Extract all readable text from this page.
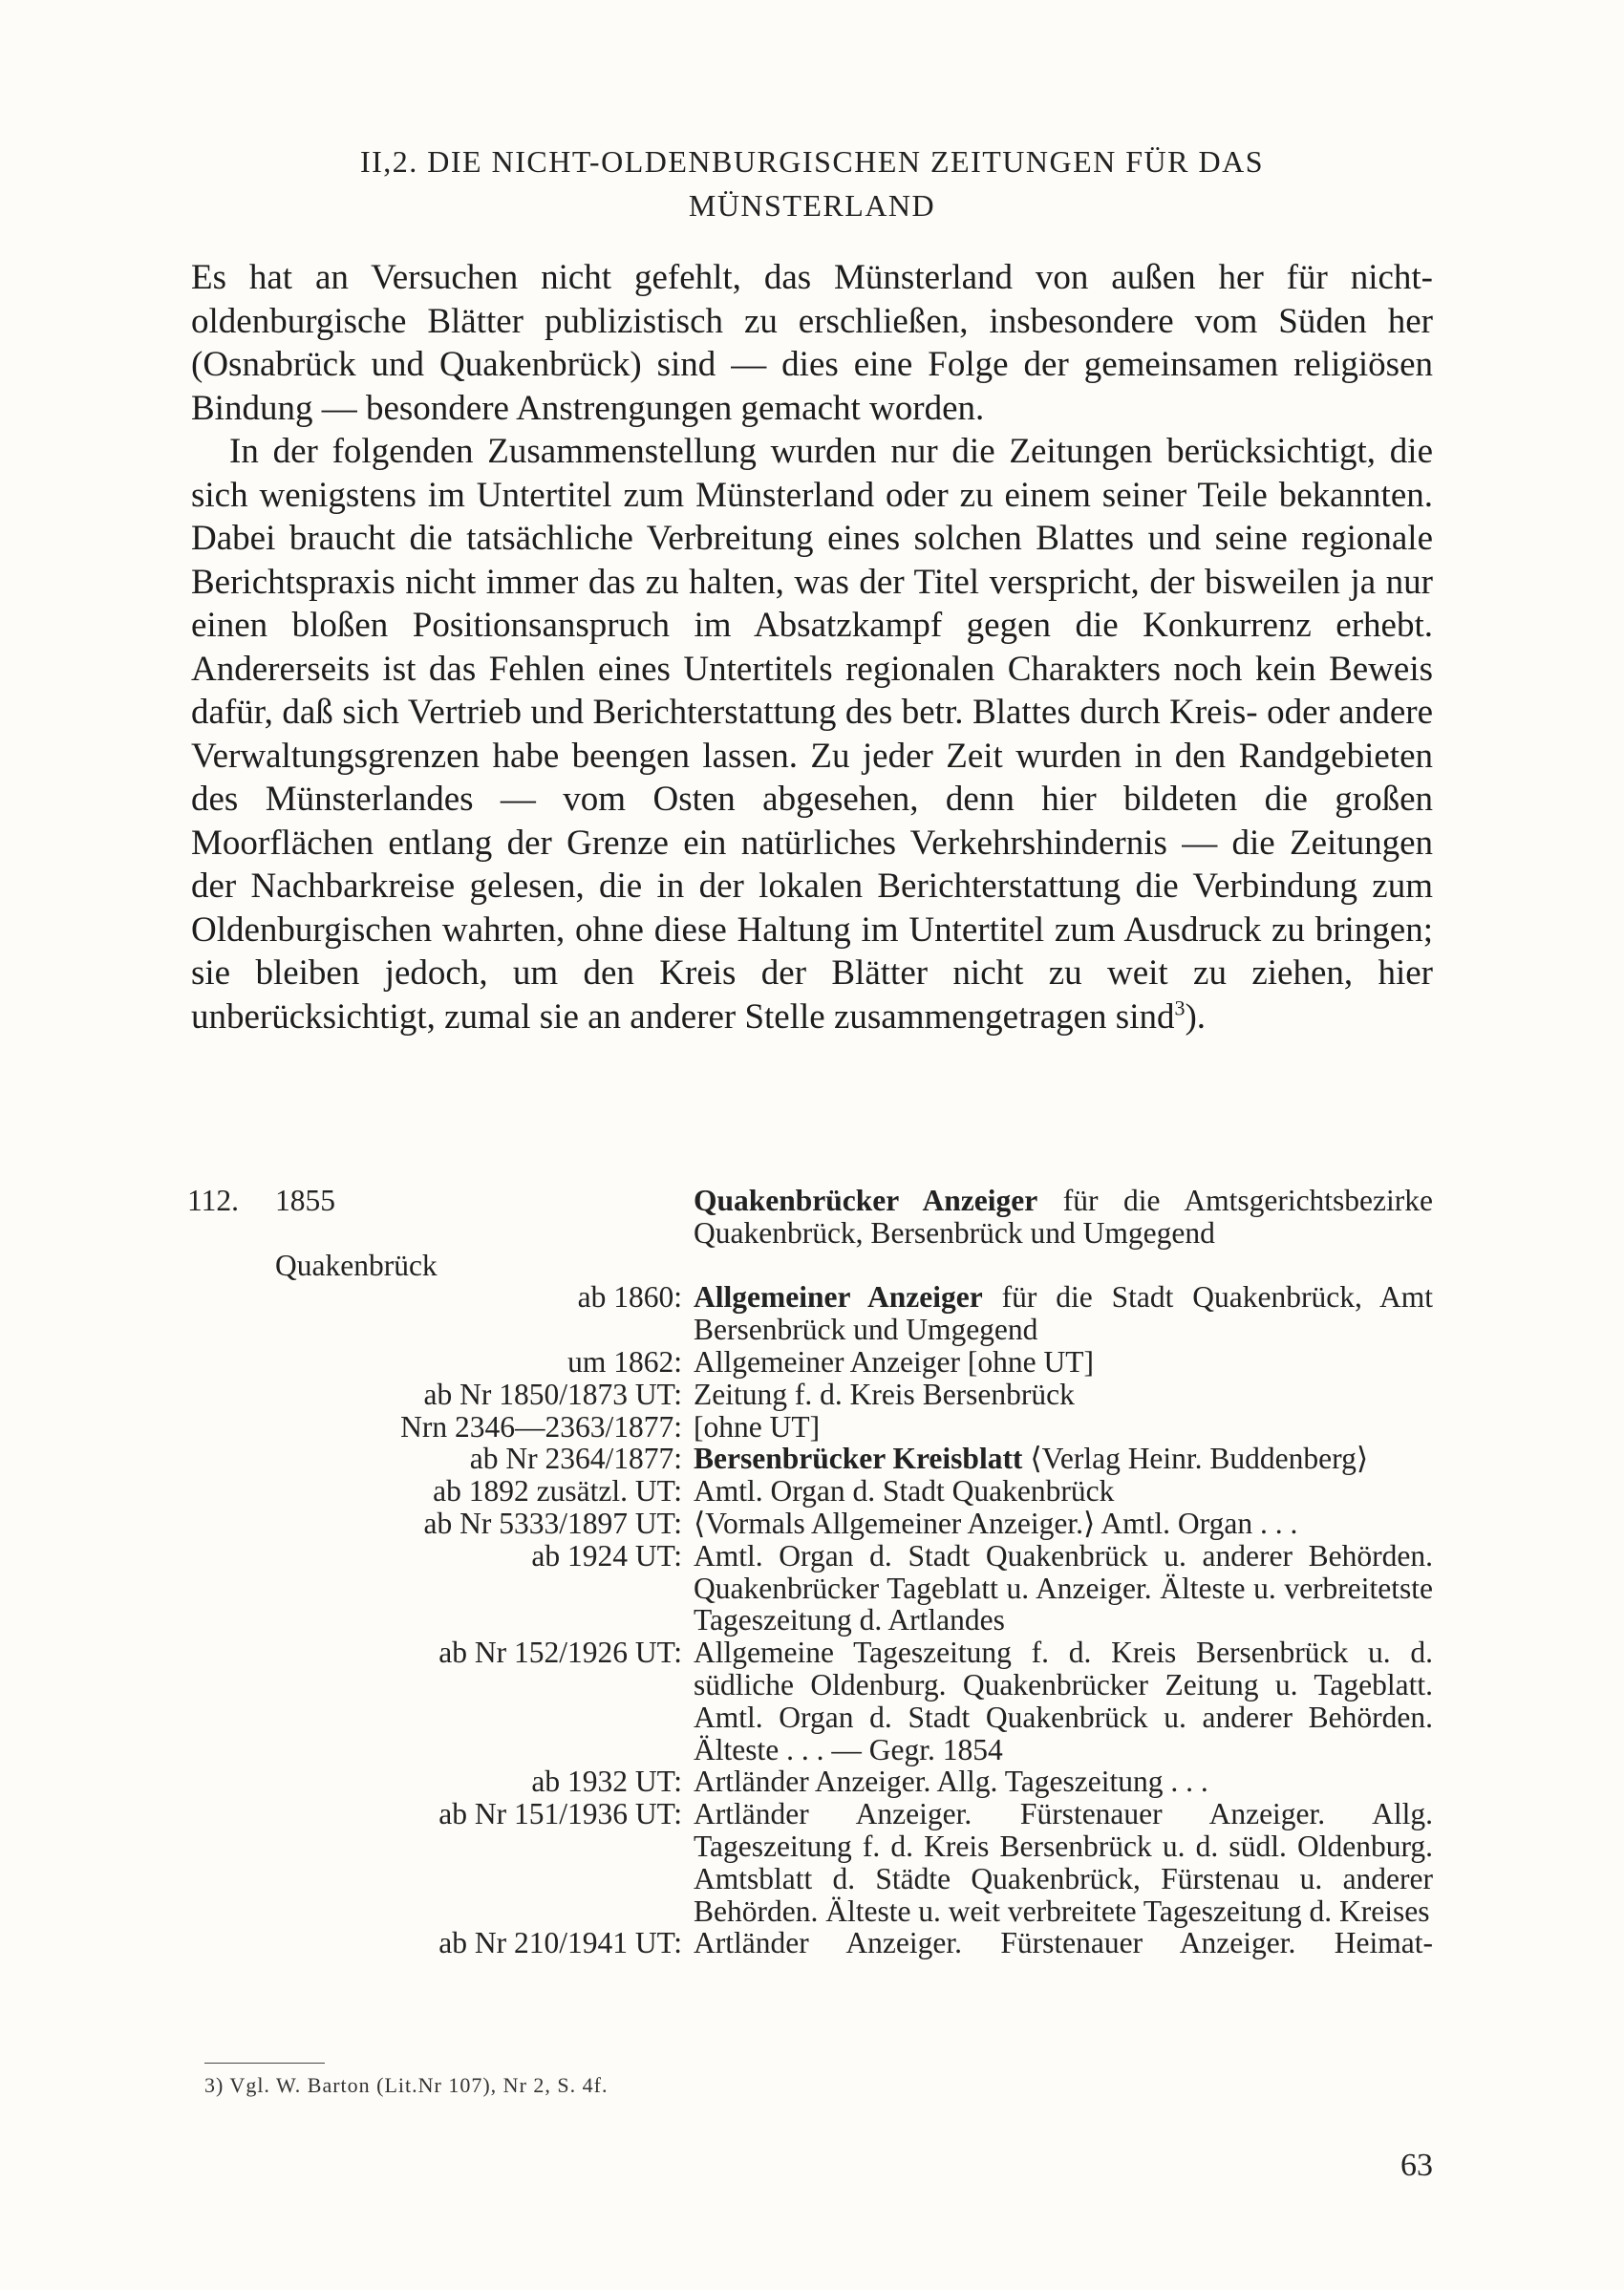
II,2. DIE NICHT-OLDENBURGISCHEN ZEITUNGEN FÜR DAS
MÜNSTERLAND

Es hat an Versuchen nicht gefehlt, das Münsterland von außen her für nicht-oldenburgische Blätter publizistisch zu erschließen, insbesondere vom Süden her (Osnabrück und Quakenbrück) sind — dies eine Folge der gemeinsamen religiösen Bindung — besondere Anstrengungen gemacht worden.

In der folgenden Zusammenstellung wurden nur die Zeitungen berücksichtigt, die sich wenigstens im Untertitel zum Münsterland oder zu einem seiner Teile bekannten. Dabei braucht die tatsächliche Verbreitung eines solchen Blattes und seine regionale Berichtspraxis nicht immer das zu halten, was der Titel verspricht, der bisweilen ja nur einen bloßen Positionsanspruch im Absatzkampf gegen die Konkurrenz erhebt. Andererseits ist das Fehlen eines Untertitels regionalen Charakters noch kein Beweis dafür, daß sich Vertrieb und Berichterstattung des betr. Blattes durch Kreis- oder andere Verwaltungsgrenzen habe beengen lassen. Zu jeder Zeit wurden in den Randgebieten des Münsterlandes — vom Osten abgesehen, denn hier bildeten die großen Moorflächen entlang der Grenze ein natürliches Verkehrshindernis — die Zeitungen der Nachbarkreise gelesen, die in der lokalen Berichterstattung die Verbindung zum Oldenburgischen wahrten, ohne diese Haltung im Untertitel zum Ausdruck zu bringen; sie bleiben jedoch, um den Kreis der Blätter nicht zu weit zu ziehen, hier unberücksichtigt, zumal sie an anderer Stelle zusammengetragen sind$^3$).

112.	1855	Quakenbrücker Anzeiger für die Amtsgerichtsbezirke Quakenbrück, Bersenbrück und Umgegend
Quakenbrück
ab 1860: Allgemeiner Anzeiger für die Stadt Quakenbrück, Amt Bersenbrück und Umgegend
um 1862: Allgemeiner Anzeiger [ohne UT]
ab Nr 1850/1873 UT: Zeitung f. d. Kreis Bersenbrück
Nrn 2346—2363/1877: [ohne UT]
ab Nr 2364/1877: Bersenbrücker Kreisblatt ⟨Verlag Heinr. Buddenberg⟩
ab 1892 zusätzl. UT: Amtl. Organ d. Stadt Quakenbrück
ab Nr 5333/1897 UT: ⟨Vormals Allgemeiner Anzeiger.⟩ Amtl. Organ . . .
ab 1924 UT: Amtl. Organ d. Stadt Quakenbrück u. anderer Behörden. Quakenbrücker Tageblatt u. Anzeiger. Älteste u. verbreitetste Tageszeitung d. Artlandes
ab Nr 152/1926 UT: Allgemeine Tageszeitung f. d. Kreis Bersenbrück u. d. südliche Oldenburg. Quakenbrücker Zeitung u. Tageblatt. Amtl. Organ d. Stadt Quakenbrück u. anderer Behörden. Älteste . . . — Gegr. 1854
ab 1932 UT: Artländer Anzeiger. Allg. Tageszeitung . . .
ab Nr 151/1936 UT: Artländer Anzeiger. Fürstenauer Anzeiger. Allg. Tageszeitung f. d. Kreis Bersenbrück u. d. südl. Oldenburg. Amtsblatt d. Städte Quakenbrück, Fürstenau u. anderer Behörden. Älteste u. weit verbreitete Tageszeitung d. Kreises
ab Nr 210/1941 UT: Artländer Anzeiger. Fürstenauer Anzeiger. Heimat-
3) Vgl. W. Barton (Lit.Nr 107), Nr 2, S. 4f.
63
